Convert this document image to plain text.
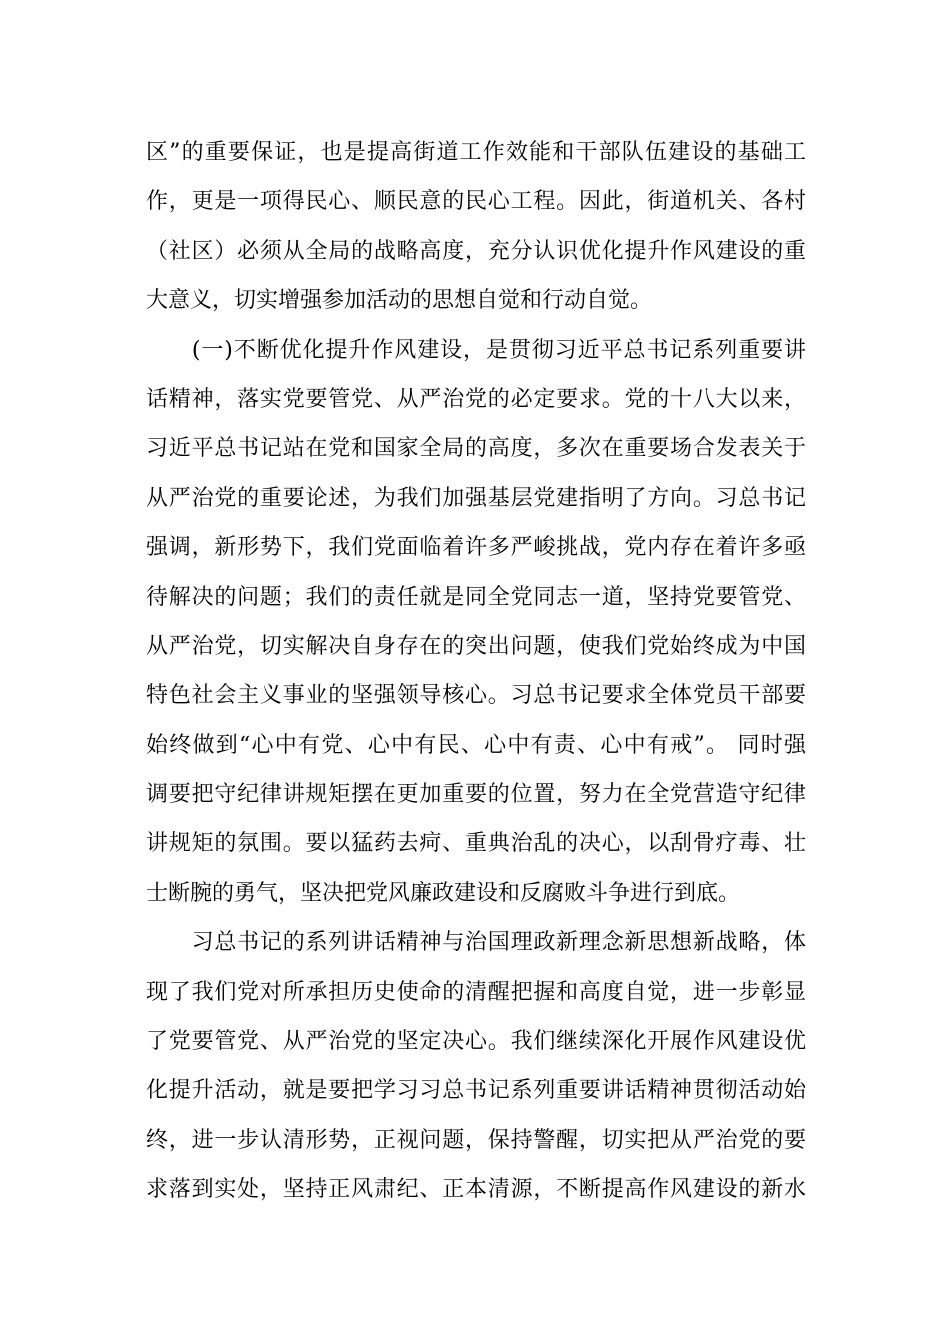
区”的重要保证，也是提高街道工作效能和干部队伍建设的基础工
作，更是一项得民心、顺民意的民心工程。因此，街道机关、各村
（社区）必须从全局的战略高度，充分认识优化提升作风建设的重
大意义，切实增强参加活动的思想自觉和行动自觉。
　　(一)不断优化提升作风建设，是贯彻习近平总书记系列重要讲
话精神，落实党要管党、从严治党的必定要求。党的十八大以来，
习近平总书记站在党和国家全局的高度，多次在重要场合发表关于
从严治党的重要论述，为我们加强基层党建指明了方向。习总书记
强调，新形势下，我们党面临着许多严峻挑战，党内存在着许多亟
待解决的问题；我们的责任就是同全党同志一道，坚持党要管党、
从严治党，切实解决自身存在的突出问题，使我们党始终成为中国
特色社会主义事业的坚强领导核心。习总书记要求全体党员干部要
始终做到“心中有党、心中有民、心中有责、心中有戒”。 同时强
调要把守纪律讲规矩摆在更加重要的位置，努力在全党营造守纪律
讲规矩的氛围。要以猛药去疴、重典治乱的决心，以刮骨疗毒、壮
士断腕的勇气，坚决把党风廉政建设和反腐败斗争进行到底。
　　习总书记的系列讲话精神与治国理政新理念新思想新战略，体
现了我们党对所承担历史使命的清醒把握和高度自觉，进一步彰显
了党要管党、从严治党的坚定决心。我们继续深化开展作风建设优
化提升活动，就是要把学习习总书记系列重要讲话精神贯彻活动始
终，进一步认清形势，正视问题，保持警醒，切实把从严治党的要
求落到实处，坚持正风肃纪、正本清源，不断提高作风建设的新水
